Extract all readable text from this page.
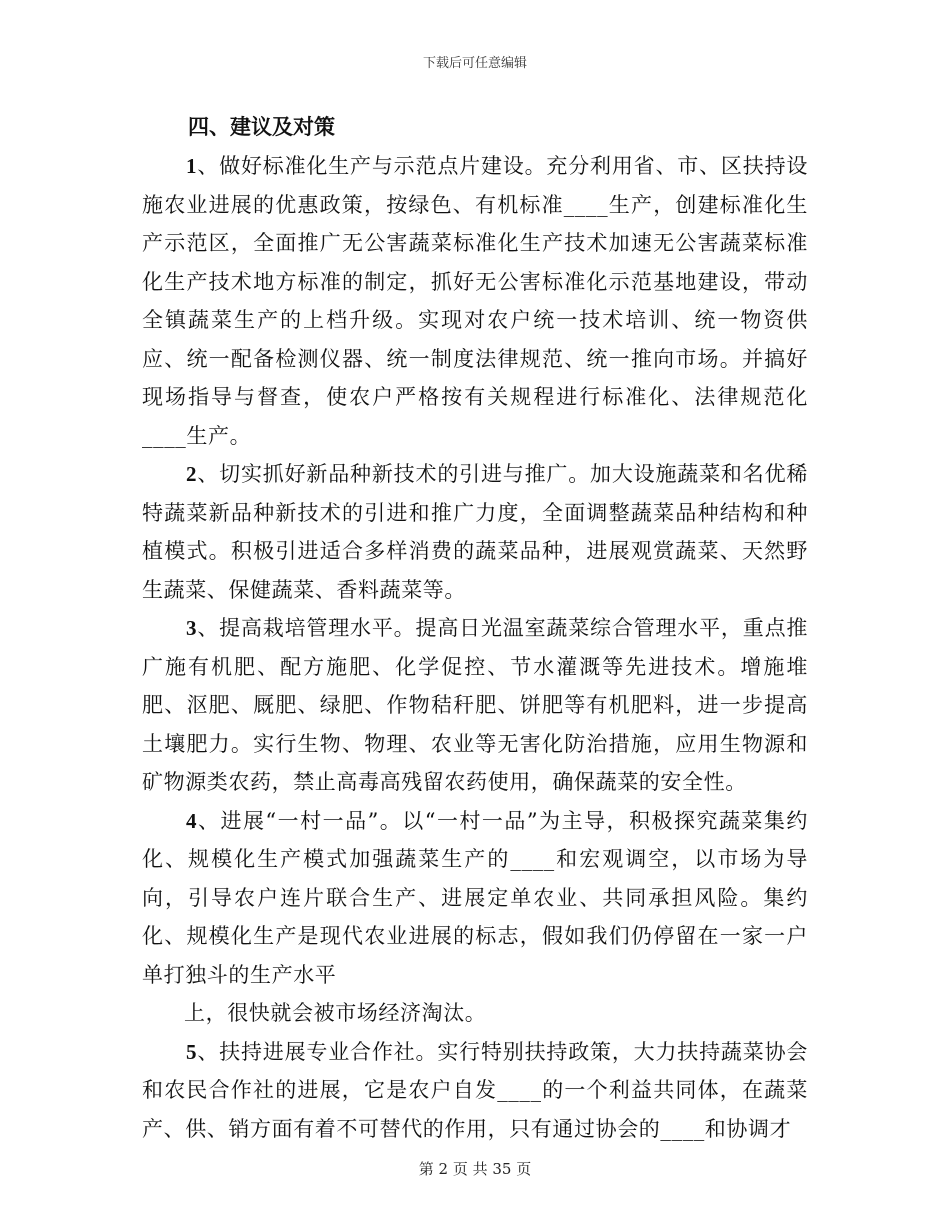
下载后可任意编辑
四、建议及对策

1、做好标准化生产与示范点片建设。充分利用省、市、区扶持设施农业进展的优惠政策，按绿色、有机标准____生产，创建标准化生产示范区，全面推广无公害蔬菜标准化生产技术加速无公害蔬菜标准化生产技术地方标准的制定，抓好无公害标准化示范基地建设，带动全镇蔬菜生产的上档升级。实现对农户统一技术培训、统一物资供应、统一配备检测仪器、统一制度法律规范、统一推向市场。并搞好现场指导与督查，使农户严格按有关规程进行标准化、法律规范化____生产。

2、切实抓好新品种新技术的引进与推广。加大设施蔬菜和名优稀特蔬菜新品种新技术的引进和推广力度，全面调整蔬菜品种结构和种植模式。积极引进适合多样消费的蔬菜品种，进展观赏蔬菜、天然野生蔬菜、保健蔬菜、香料蔬菜等。

3、提高栽培管理水平。提高日光温室蔬菜综合管理水平，重点推广施有机肥、配方施肥、化学促控、节水灌溉等先进技术。增施堆肥、沤肥、厩肥、绿肥、作物秸秆肥、饼肥等有机肥料，进一步提高土壤肥力。实行生物、物理、农业等无害化防治措施，应用生物源和矿物源类农药，禁止高毒高残留农药使用，确保蔬菜的安全性。

4、进展“一村一品”。以“一村一品”为主导，积极探究蔬菜集约化、规模化生产模式加强蔬菜生产的____和宏观调空，以市场为导向，引导农户连片联合生产、进展定单农业、共同承担风险。集约化、规模化生产是现代农业进展的标志，假如我们仍停留在一家一户单打独斗的生产水平

上，很快就会被市场经济淘汰。

5、扶持进展专业合作社。实行特别扶持政策，大力扶持蔬菜协会和农民合作社的进展，它是农户自发____的一个利益共同体，在蔬菜产、供、销方面有着不可替代的作用，只有通过协会的____和协调才

第 2 页 共 35 页
